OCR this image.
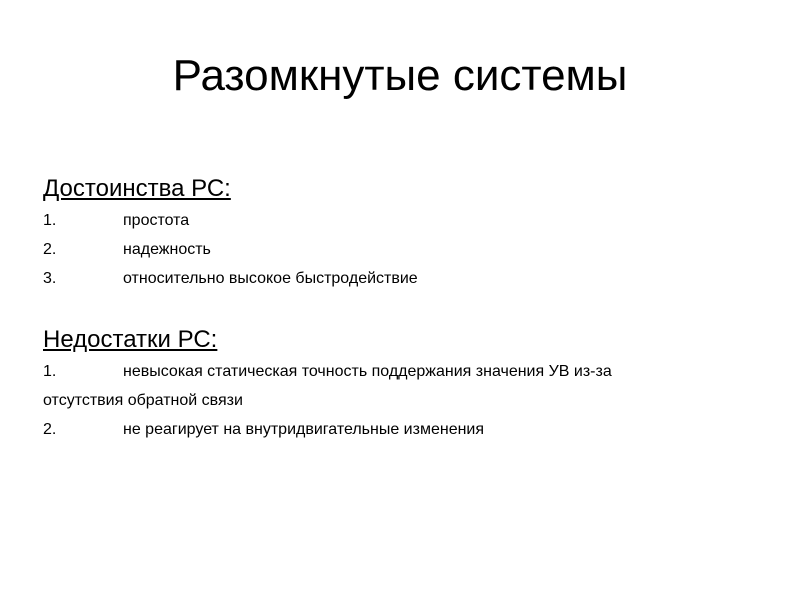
Разомкнутые системы
Достоинства РС:
1.	простота
2.	надежность
3.	относительно высокое быстродействие
Недостатки РС:
1.	невысокая статическая точность поддержания значения УВ из-за
отсутствия обратной связи
2.	не реагирует на внутридвигательные изменения
